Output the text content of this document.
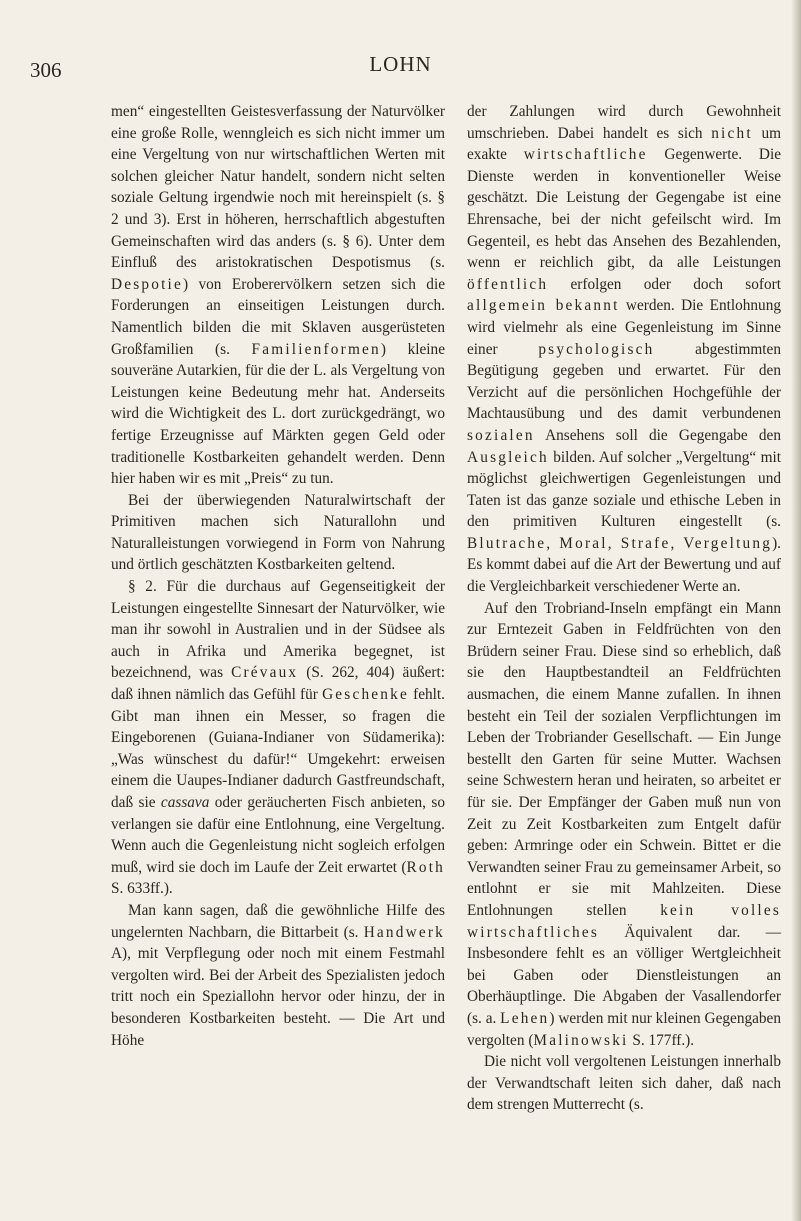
306	LOHN

men“ eingestellten Geistesverfassung der Naturvölker eine große Rolle, wenngleich es sich nicht immer um eine Vergeltung von nur wirtschaftlichen Werten mit solchen gleicher Natur handelt, sondern nicht selten soziale Geltung irgendwie noch mit hereinspielt (s. § 2 und 3). Erst in höheren, herrschaftlich abgestuften Gemeinschaften wird das anders (s. § 6). Unter dem Einfluß des aristokratischen Despotismus (s. Despotie) von Eroberervölkern setzen sich die Forderungen an einseitigen Leistungen durch. Namentlich bilden die mit Sklaven ausgerüsteten Großfamilien (s. Familienformen) kleine souveräne Autarkien, für die der L. als Vergeltung von Leistungen keine Bedeutung mehr hat. Anderseits wird die Wichtigkeit des L. dort zurückgedrängt, wo fertige Erzeugnisse auf Märkten gegen Geld oder traditionelle Kostbarkeiten gehandelt werden. Denn hier haben wir es mit „Preis“ zu tun.

Bei der überwiegenden Naturalwirtschaft der Primitiven machen sich Naturallohn und Naturalleistungen vorwiegend in Form von Nahrung und örtlich geschätzten Kostbarkeiten geltend.

§ 2. Für die durchaus auf Gegenseitigkeit der Leistungen eingestellte Sinnesart der Naturvölker, wie man ihr sowohl in Australien und in der Südsee als auch in Afrika und Amerika begegnet, ist bezeichnend, was Crévaux (S. 262, 404) äußert: daß ihnen nämlich das Gefühl für Geschenke fehlt. Gibt man ihnen ein Messer, so fragen die Eingeborenen (Guiana-Indianer von Südamerika): „Was wünschest du dafür!“ Umgekehrt: erweisen einem die Uaupes-Indianer dadurch Gastfreundschaft, daß sie cassava oder geräucherten Fisch anbieten, so verlangen sie dafür eine Entlohnung, eine Vergeltung. Wenn auch die Gegenleistung nicht sogleich erfolgen muß, wird sie doch im Laufe der Zeit erwartet (Roth S. 633ff.).

Man kann sagen, daß die gewöhnliche Hilfe des ungelernten Nachbarn, die Bittarbeit (s. Handwerk A), mit Verpflegung oder noch mit einem Festmahl vergolten wird. Bei der Arbeit des Spezialisten jedoch tritt noch ein Speziallohn hervor oder hinzu, der in besonderen Kostbarkeiten besteht. — Die Art und Höhe

der Zahlungen wird durch Gewohnheit umschrieben. Dabei handelt es sich nicht um exakte wirtschaftliche Gegenwerte. Die Dienste werden in konventioneller Weise geschätzt. Die Leistung der Gegengabe ist eine Ehrensache, bei der nicht gefeilscht wird. Im Gegenteil, es hebt das Ansehen des Bezahlenden, wenn er reichlich gibt, da alle Leistungen öffentlich erfolgen oder doch sofort allgemein bekannt werden. Die Entlohnung wird vielmehr als eine Gegenleistung im Sinne einer psychologisch abgestimmten Begütigung gegeben und erwartet. Für den Verzicht auf die persönlichen Hochgefühle der Machtausübung und des damit verbundenen sozialen Ansehens soll die Gegengabe den Ausgleich bilden. Auf solcher „Vergeltung“ mit möglichst gleichwertigen Gegenleistungen und Taten ist das ganze soziale und ethische Leben in den primitiven Kulturen eingestellt (s. Blutrache, Moral, Strafe, Vergeltung). Es kommt dabei auf die Art der Bewertung und auf die Vergleichbarkeit verschiedener Werte an.

Auf den Trobriand-Inseln empfängt ein Mann zur Erntezeit Gaben in Feldfrüchten von den Brüdern seiner Frau. Diese sind so erheblich, daß sie den Hauptbestandteil an Feldfrüchten ausmachen, die einem Manne zufallen. In ihnen besteht ein Teil der sozialen Verpflichtungen im Leben der Trobriander Gesellschaft. — Ein Junge bestellt den Garten für seine Mutter. Wachsen seine Schwestern heran und heiraten, so arbeitet er für sie. Der Empfänger der Gaben muß nun von Zeit zu Zeit Kostbarkeiten zum Entgelt dafür geben: Armringe oder ein Schwein. Bittet er die Verwandten seiner Frau zu gemeinsamer Arbeit, so entlohnt er sie mit Mahlzeiten. Diese Entlohnungen stellen kein volles wirtschaftliches Äquivalent dar. — Insbesondere fehlt es an völliger Wertgleichheit bei Gaben oder Dienstleistungen an Oberhäuptlinge. Die Abgaben der Vasallendorfer (s. a. Lehen) werden mit nur kleinen Gegengaben vergolten (Malinowski S. 177ff.).

Die nicht voll vergoltenen Leistungen innerhalb der Verwandtschaft leiten sich daher, daß nach dem strengen Mutterrecht (s.
